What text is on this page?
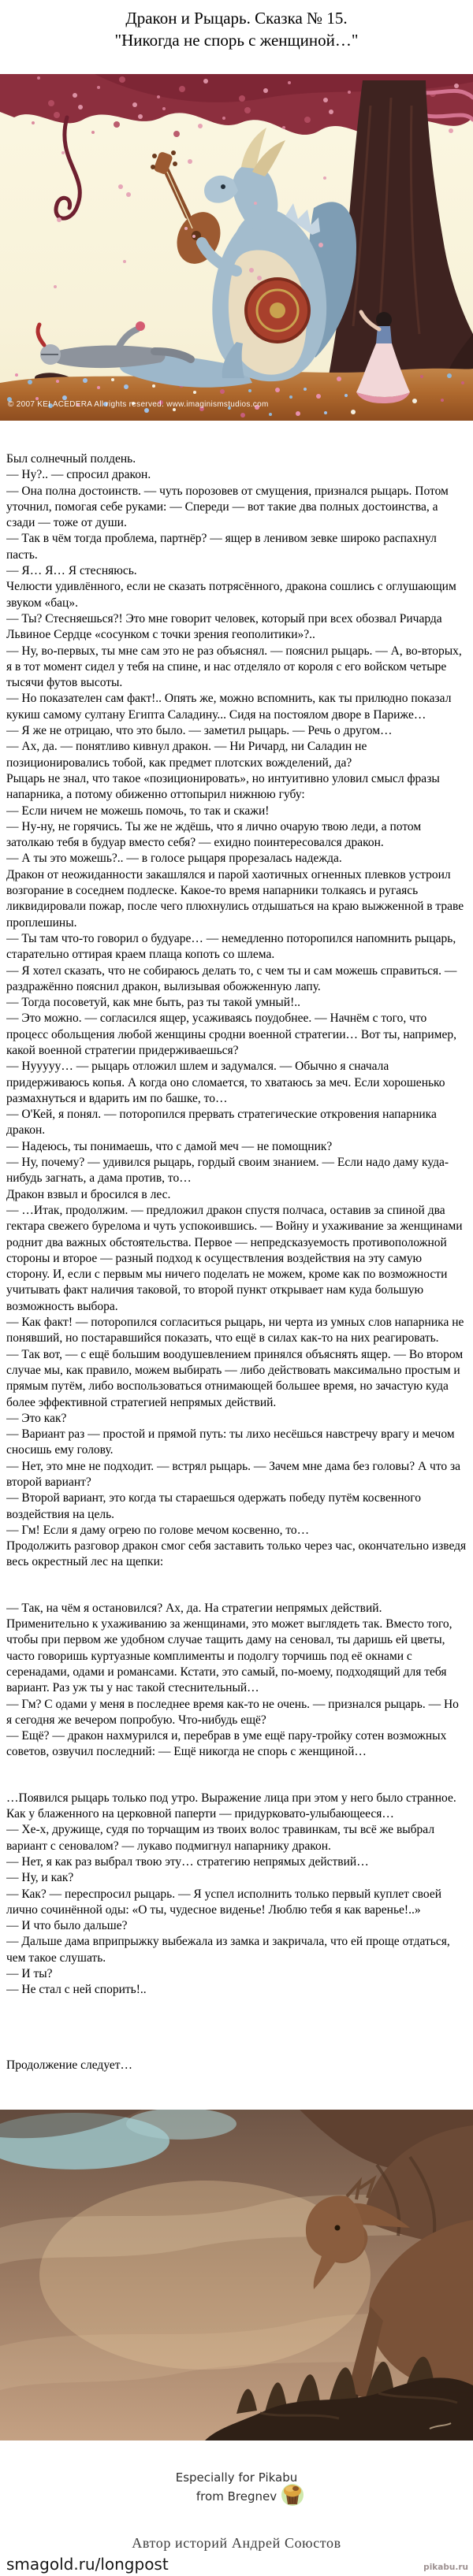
Дракон и Рыцарь. Сказка № 15.
"Никогда не спорь с женщиной…"
© 2007 KEI ACEDERA All rights reserved. www.imaginismstudios.com

Был солнечный полдень.

— Ну?.. — спросил дракон.

— Она полна достоинств. — чуть порозовев от смущения, признался рыцарь. Потом уточнил, помогая себе руками: — Спереди — вот такие два полных достоинства, а сзади — тоже от души.

— Так в чём тогда проблема, партнёр? — ящер в ленивом зевке широко распахнул пасть.

— Я… Я… Я стесняюсь.

Челюсти удивлённого, если не сказать потрясённого, дракона сошлись с оглушающим звуком «бац».

— Ты? Стесняешься?! Это мне говорит человек, который при всех обозвал Ричарда Львиное Сердце «сосунком с точки зрения геополитики»?..

— Ну, во-первых, ты мне сам это не раз объяснял. — пояснил рыцарь. — А, во-вторых, я в тот момент сидел у тебя на спине, и нас отделяло от короля с его войском четыре тысячи футов высоты.

— Но показателен сам факт!.. Опять же, можно вспомнить, как ты прилюдно показал кукиш самому султану Египта Саладину... Сидя на постоялом дворе в Париже…

— Я же не отрицаю, что это было. — заметил рыцарь. — Речь о другом…

— Ах, да. — понятливо кивнул дракон. — Ни Ричард, ни Саладин не позиционировались тобой, как предмет плотских вожделений, да?

Рыцарь не знал, что такое «позиционировать», но интуитивно уловил смысл фразы напарника, а потому обиженно оттопырил нижнюю губу:

— Если ничем не можешь помочь, то так и скажи!

— Ну-ну, не горячись. Ты же не ждёшь, что я лично очарую твою леди, а потом затолкаю тебя в будуар вместо себя? — ехидно поинтересовался дракон.

— А ты это можешь?.. — в голосе рыцаря прорезалась надежда.

Дракон от неожиданности закашлялся и парой хаотичных огненных плевков устроил возгорание в соседнем подлеске. Какое-то время напарники толкаясь и ругаясь ликвидировали пожар, после чего плюхнулись отдышаться на краю выжженной в траве проплешины.

— Ты там что-то говорил о будуаре… — немедленно поторопился напомнить рыцарь, старательно оттирая краем плаща копоть со шлема.

— Я хотел сказать, что не собираюсь делать то, с чем ты и сам можешь справиться. — раздражённо пояснил дракон, вылизывая обожженную лапу.

— Тогда посоветуй, как мне быть, раз ты такой умный!..

— Это можно. — согласился ящер, усаживаясь поудобнее. — Начнём с того, что процесс обольщения любой женщины сродни военной стратегии… Вот ты, например, какой военной стратегии придерживаешься?

— Нууууу… — рыцарь отложил шлем и задумался. — Обычно я сначала придерживаюсь копья. А когда оно сломается, то хватаюсь за меч. Если хорошенько размахнуться и вдарить им по башке, то…

— О'Кей, я понял. — поторопился прервать стратегические откровения напарника дракон.

— Надеюсь, ты понимаешь, что с дамой меч — не помощник?

— Ну, почему? — удивился рыцарь, гордый своим знанием. — Если надо даму куда-нибудь загнать, а дама против, то…

Дракон взвыл и бросился в лес.

— …Итак, продолжим. — предложил дракон спустя полчаса, оставив за спиной два гектара свежего бурелома и чуть успокоившись. — Войну и ухаживание за женщинами роднит два важных обстоятельства. Первое — непредсказуемость противоположной стороны и второе — разный подход к осуществления воздействия на эту самую сторону. И, если с первым мы ничего поделать не можем, кроме как по возможности учитывать факт наличия таковой, то второй пункт открывает нам куда большую возможность выбора.

— Как факт! — поторопился согласиться рыцарь, ни черта из умных слов напарника не понявший, но постаравшийся показать, что ещё в силах как-то на них реагировать.

— Так вот, — с ещё большим воодушевлением принялся объяснять ящер. — Во втором случае мы, как правило, можем выбирать — либо действовать максимально простым и прямым путём, либо воспользоваться отнимающей большее время, но зачастую куда более эффективной стратегией непрямых действий.

— Это как?

— Вариант раз — простой и прямой путь: ты лихо несёшься навстречу врагу и мечом сносишь ему голову.

— Нет, это мне не подходит. — встрял рыцарь. — Зачем мне дама без головы? А что за второй вариант?

— Второй вариант, это когда ты стараешься одержать победу путём косвенного воздействия на цель.

— Гм! Если я даму огрею по голове мечом косвенно, то…

Продолжить разговор дракон смог себя заставить только через час, окончательно изведя весь окрестный лес на щепки:

— Так, на чём я остановился? Ах, да. На стратегии непрямых действий. Применительно к ухаживанию за женщинами, это может выглядеть так. Вместо того, чтобы при первом же удобном случае тащить даму на сеновал, ты даришь ей цветы, часто говоришь куртуазные комплименты и подолгу торчишь под её окнами с серенадами, одами и романсами. Кстати, это самый, по-моему, подходящий для тебя вариант. Раз уж ты у нас такой стеснительный…

— Гм? С одами у меня в последнее время как-то не очень. — признался рыцарь. — Но я сегодня же вечером попробую. Что-нибудь ещё?

— Ещё? — дракон нахмурился и, перебрав в уме ещё пару-тройку сотен возможных советов, озвучил последний: — Ещё никогда не спорь с женщиной…

…Появился рыцарь только под утро. Выражение лица при этом у него было странное. Как у блаженного на церковной паперти — придурковато-улыбающееся…

— Хе-х, дружище, судя по торчащим из твоих волос травинкам, ты всё же выбрал вариант с сеновалом? — лукаво подмигнул напарнику дракон.

— Нет, я как раз выбрал твою эту… стратегию непрямых действий…

— Ну, и как?

— Как? — переспросил рыцарь. — Я успел исполнить только первый куплет своей лично сочинённой оды: «О ты, чудесное виденье! Люблю тебя я как варенье!..»

— И что было дальше?

— Дальше дама вприпрыжку выбежала из замка и закричала, что ей проще отдаться, чем такое слушать.

— И ты?

— Не стал с ней спорить!..

Продолжение следует…

Especially for Pikabu
from Bregnev
Автор историй Андрей Союстов
smagold.ru/longpost	pikabu.ru
